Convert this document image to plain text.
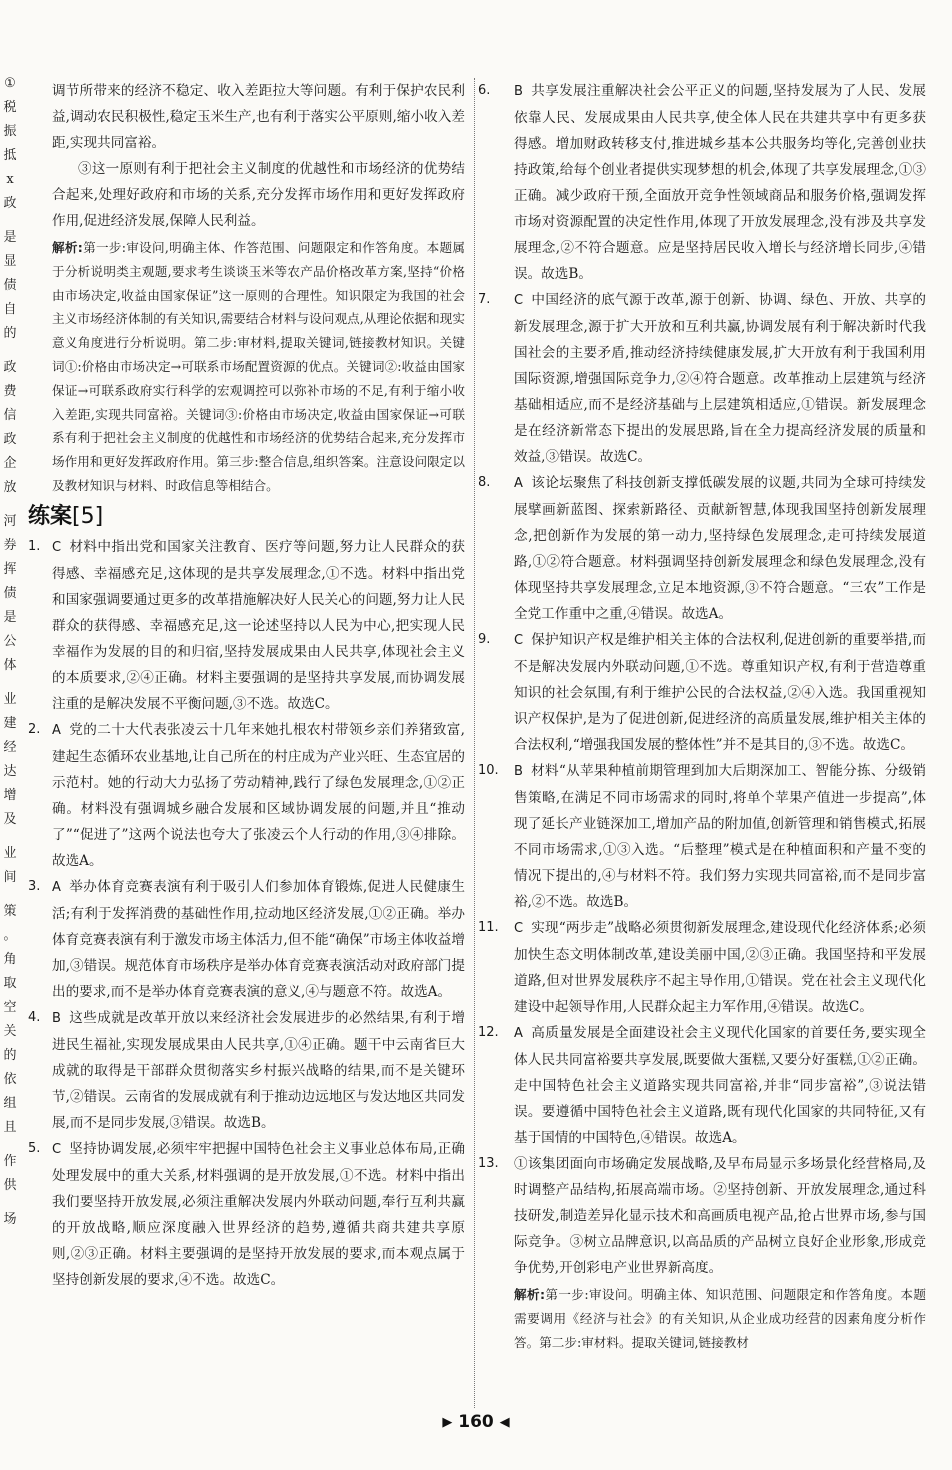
①
税
振
抵
x
政
是
显
债
自
的
政
费
信
政
企
放
河
券
挥
债
是
公
体
业
建
经
达
增
及
业
间
策
。
角
取
空
关
的
依
组
且
作
供
场

调节所带来的经济不稳定、收入差距拉大等问题。有利于保护农民利益,调动农民积极性,稳定玉米生产,也有利于落实公平原则,缩小收入差距,实现共同富裕。

③这一原则有利于把社会主义制度的优越性和市场经济的优势结合起来,处理好政府和市场的关系,充分发挥市场作用和更好发挥政府作用,促进经济发展,保障人民利益。

解析:第一步:审设问,明确主体、作答范围、问题限定和作答角度。本题属于分析说明类主观题,要求考生谈谈玉米等农产品价格改革方案,坚持“价格由市场决定,收益由国家保证”这一原则的合理性。知识限定为我国的社会主义市场经济体制的有关知识,需要结合材料与设问观点,从理论依据和现实意义角度进行分析说明。第二步:审材料,提取关键词,链接教材知识。关键词①:价格由市场决定→可联系市场配置资源的优点。关键词②:收益由国家保证→可联系政府实行科学的宏观调控可以弥补市场的不足,有利于缩小收入差距,实现共同富裕。关键词③:价格由市场决定,收益由国家保证→可联系有利于把社会主义制度的优越性和市场经济的优势结合起来,充分发挥市场作用和更好发挥政府作用。第三步:整合信息,组织答案。注意设问限定以及教材知识与材料、时政信息等相结合。

练案[5]
1. C 材料中指出党和国家关注教育、医疗等问题,努力让人民群众的获得感、幸福感充足,这体现的是共享发展理念,①不选。材料中指出党和国家强调要通过更多的改革措施解决好人民关心的问题,努力让人民群众的获得感、幸福感充足,这一论述坚持以人民为中心,把实现人民幸福作为发展的目的和归宿,坚持发展成果由人民共享,体现社会主义的本质要求,②④正确。材料主要强调的是坚持共享发展,而协调发展注重的是解决发展不平衡问题,③不选。故选C。
2. A 党的二十大代表张凌云十几年来她扎根农村带领乡亲们养猪致富,建起生态循环农业基地,让自己所在的村庄成为产业兴旺、生态宜居的示范村。她的行动大力弘扬了劳动精神,践行了绿色发展理念,①②正确。材料没有强调城乡融合发展和区域协调发展的问题,并且“推动了”“促进了”这两个说法也夸大了张凌云个人行动的作用,③④排除。故选A。
3. A 举办体育竞赛表演有利于吸引人们参加体育锻炼,促进人民健康生活;有利于发挥消费的基础性作用,拉动地区经济发展,①②正确。举办体育竞赛表演有利于激发市场主体活力,但不能“确保”市场主体收益增加,③错误。规范体育市场秩序是举办体育竞赛表演活动对政府部门提出的要求,而不是举办体育竞赛表演的意义,④与题意不符。故选A。
4. B 这些成就是改革开放以来经济社会发展进步的必然结果,有利于增进民生福祉,实现发展成果由人民共享,①④正确。题干中云南省巨大成就的取得是干部群众贯彻落实乡村振兴战略的结果,而不是关键环节,②错误。云南省的发展成就有利于推动边远地区与发达地区共同发展,而不是同步发展,③错误。故选B。
5. C 坚持协调发展,必须牢牢把握中国特色社会主义事业总体布局,正确处理发展中的重大关系,材料强调的是开放发展,①不选。材料中指出我们要坚持开放发展,必须注重解决发展内外联动问题,奉行互利共赢的开放战略,顺应深度融入世界经济的趋势,遵循共商共建共享原则,②③正确。材料主要强调的是坚持开放发展的要求,而本观点属于坚持创新发展的要求,④不选。故选C。
6. B 共享发展注重解决社会公平正义的问题,坚持发展为了人民、发展依靠人民、发展成果由人民共享,使全体人民在共建共享中有更多获得感。增加财政转移支付,推进城乡基本公共服务均等化,完善创业扶持政策,给每个创业者提供实现梦想的机会,体现了共享发展理念,①③正确。减少政府干预,全面放开竞争性领域商品和服务价格,强调发挥市场对资源配置的决定性作用,体现了开放发展理念,没有涉及共享发展理念,②不符合题意。应是坚持居民收入增长与经济增长同步,④错误。故选B。
7. C 中国经济的底气源于改革,源于创新、协调、绿色、开放、共享的新发展理念,源于扩大开放和互利共赢,协调发展有利于解决新时代我国社会的主要矛盾,推动经济持续健康发展,扩大开放有利于我国利用国际资源,增强国际竞争力,②④符合题意。改革推动上层建筑与经济基础相适应,而不是经济基础与上层建筑相适应,①错误。新发展理念是在经济新常态下提出的发展思路,旨在全力提高经济发展的质量和效益,③错误。故选C。
8. A 该论坛聚焦了科技创新支撑低碳发展的议题,共同为全球可持续发展擘画新蓝图、探索新路径、贡献新智慧,体现我国坚持创新发展理念,把创新作为发展的第一动力,坚持绿色发展理念,走可持续发展道路,①②符合题意。材料强调坚持创新发展理念和绿色发展理念,没有体现坚持共享发展理念,立足本地资源,③不符合题意。“三农”工作是全党工作重中之重,④错误。故选A。
9. C 保护知识产权是维护相关主体的合法权利,促进创新的重要举措,而不是解决发展内外联动问题,①不选。尊重知识产权,有利于营造尊重知识的社会氛围,有利于维护公民的合法权益,②④入选。我国重视知识产权保护,是为了促进创新,促进经济的高质量发展,维护相关主体的合法权利,“增强我国发展的整体性”并不是其目的,③不选。故选C。
10. B 材料“从苹果种植前期管理到加大后期深加工、智能分拣、分级销售策略,在满足不同市场需求的同时,将单个苹果产值进一步提高”,体现了延长产业链深加工,增加产品的附加值,创新管理和销售模式,拓展不同市场需求,①③入选。“后整理”模式是在种植面积和产量不变的情况下提出的,④与材料不符。我们努力实现共同富裕,而不是同步富裕,②不选。故选B。
11. C 实现“两步走”战略必须贯彻新发展理念,建设现代化经济体系;必须加快生态文明体制改革,建设美丽中国,②③正确。我国坚持和平发展道路,但对世界发展秩序不起主导作用,①错误。党在社会主义现代化建设中起领导作用,人民群众起主力军作用,④错误。故选C。
12. A 高质量发展是全面建设社会主义现代化国家的首要任务,要实现全体人民共同富裕要共享发展,既要做大蛋糕,又要分好蛋糕,①②正确。走中国特色社会主义道路实现共同富裕,并非“同步富裕”,③说法错误。要遵循中国特色社会主义道路,既有现代化国家的共同特征,又有基于国情的中国特色,④错误。故选A。
13. ①该集团面向市场确定发展战略,及早布局显示多场景化经营格局,及时调整产品结构,拓展高端市场。②坚持创新、开放发展理念,通过科技研发,制造差异化显示技术和高画质电视产品,抢占世界市场,参与国际竞争。③树立品牌意识,以高品质的产品树立良好企业形象,形成竞争优势,开创彩电产业世界新高度。

解析:第一步:审设问。明确主体、知识范围、问题限定和作答角度。本题需要调用《经济与社会》的有关知识,从企业成功经营的因素角度分析作答。第二步:审材料。提取关键词,链接教材

▶ 160 ◀
